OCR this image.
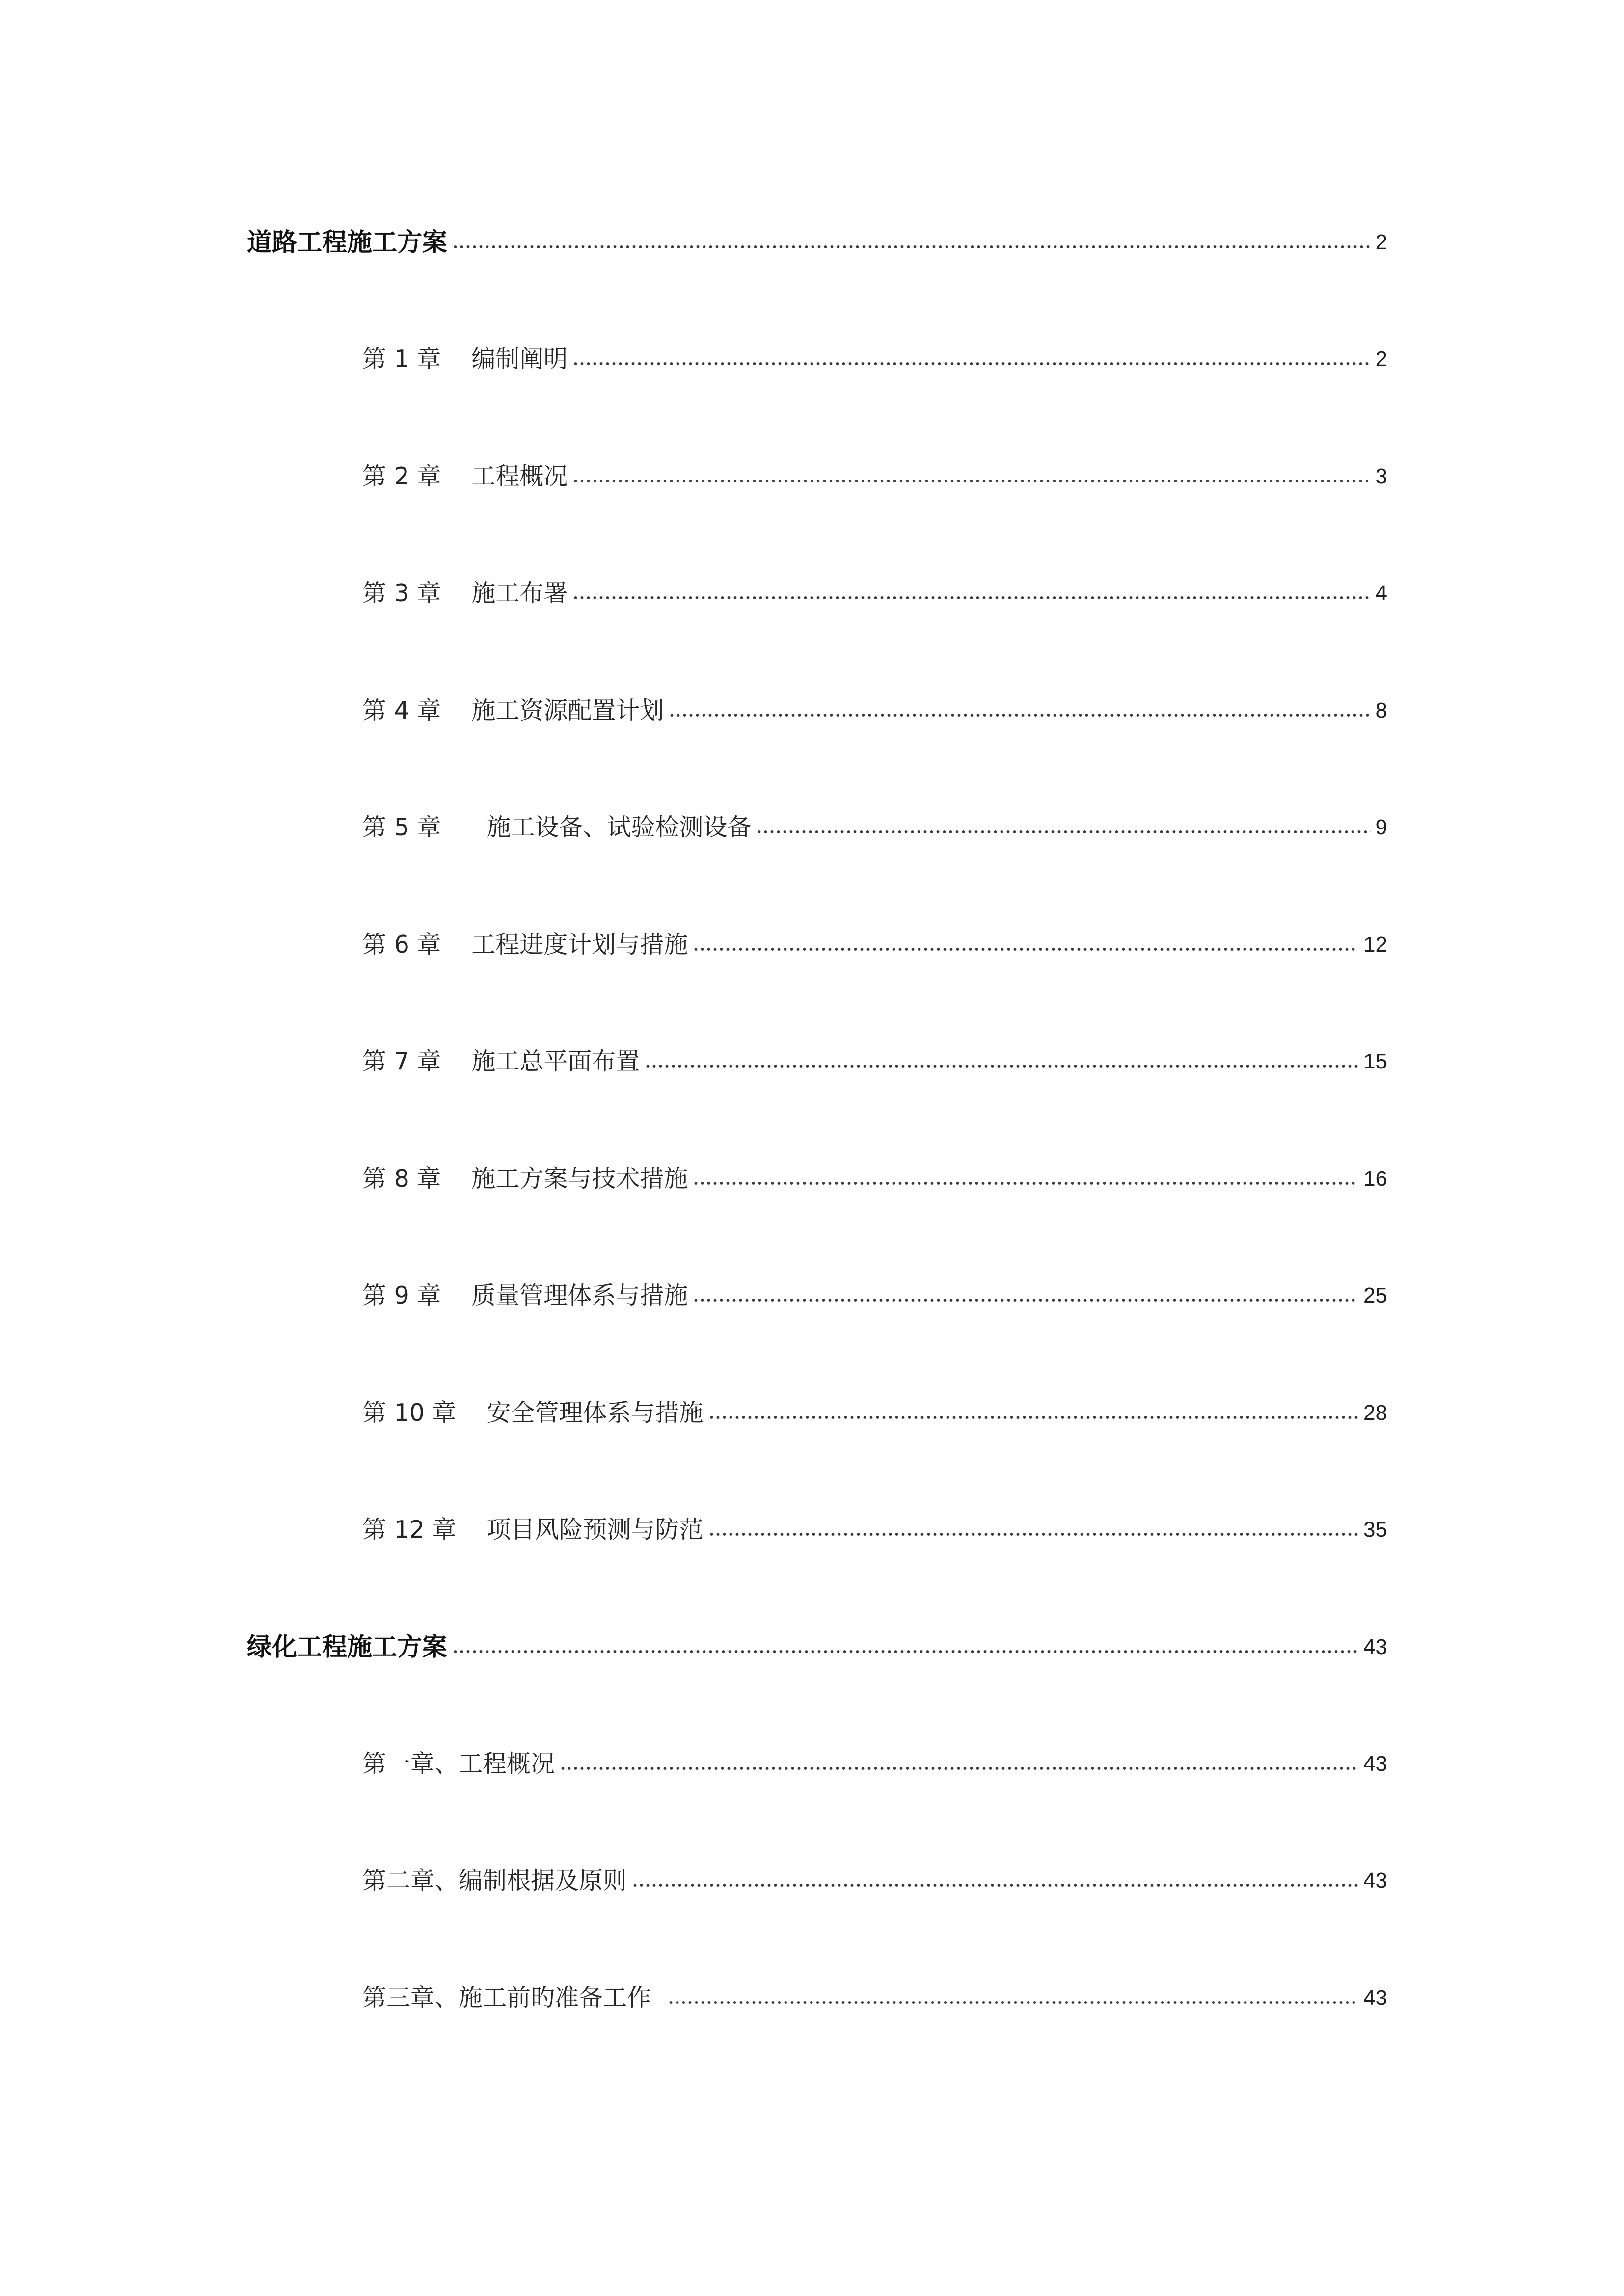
道路工程施工方案	2
第 1 章 编制阐明	2
第 2 章 工程概况	3
第 3 章 施工布署	4
第 4 章 施工资源配置计划	8
第 5 章 施工设备、试验检测设备	9
第 6 章 工程进度计划与措施	12
第 7 章 施工总平面布置	15
第 8 章 施工方案与技术措施	16
第 9 章 质量管理体系与措施	25
第 10 章 安全管理体系与措施	28
第 12 章 项目风险预测与防范	35
绿化工程施工方案	43
第一章、工程概况	43
第二章、编制根据及原则	43
第三章、施工前旳准备工作	43
